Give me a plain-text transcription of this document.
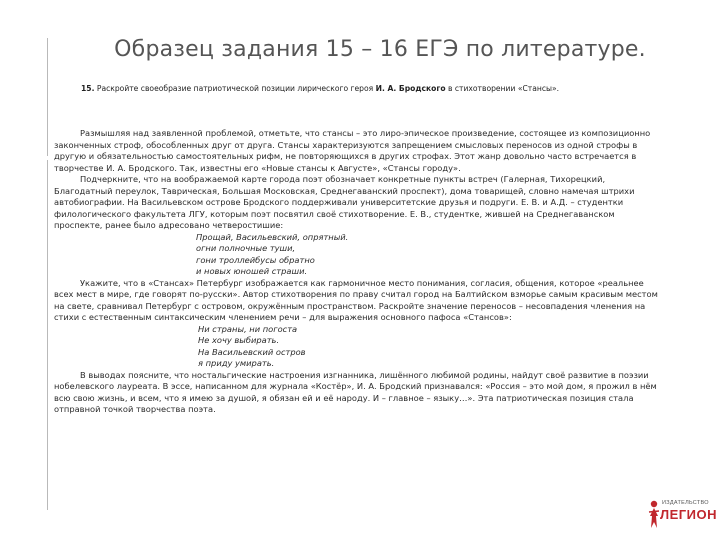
Образец задания 15 – 16 ЕГЭ по литературе.
15. Раскройте своеобразие патриотической позиции лирического героя И. А. Бродского в стихотворении «Стансы».

Размышляя над заявленной проблемой, отметьте, что стансы – это лиро-эпическое произведение, состоящее из композиционно законченных строф, обособленных друг от друга. Стансы характеризуются запрещением смысловых переносов из одной строфы в другую и обязательностью самостоятельных рифм, не повторяющихся в других строфах. Этот жанр довольно часто встречается в творчестве И. А. Бродского. Так, известны его «Новые стансы к Августе», «Стансы городу».

Подчеркните, что на воображаемой карте города поэт обозначает конкретные пункты встреч (Галерная, Тихорецкий, Благодатный переулок, Таврическая, Большая Московская, Среднегаванский проспект), дома товарищей, словно намечая штрихи автобиографии. На Васильевском острове Бродского поддерживали университетские друзья и подруги. Е. В. и А.Д. – студентки филологического факультета ЛГУ, которым поэт посвятил своё стихотворение. Е. В., студентке, жившей на Среднегаванском проспекте, ранее было адресовано четверостишие:

Прощай, Васильевский, опрятный.
огни полночные туши,
гони троллейбусы обратно
и новых юношей страши.

Укажите, что в «Стансах» Петербург изображается как гармоничное место понимания, согласия, общения, которое «реальнее всех мест в мире, где говорят по-русски». Автор стихотворения по праву считал город на Балтийском взморье самым красивым местом на свете, сравнивал Петербург с островом, окружённым пространством. Раскройте значение переносов – несовпадения членения на стихи с естественным синтаксическим членением речи – для выражения основного пафоса «Стансов»:

Ни страны, ни погоста
Не хочу выбирать.
На Васильевский остров
я приду умирать.

В выводах поясните, что ностальгические настроения изгнанника, лишённого любимой родины, найдут своё развитие в поэзии нобелевского лауреата. В эссе, написанном для журнала «Костёр», И. А. Бродский признавался: «Россия – это мой дом, я прожил в нём всю свою жизнь, и всем, что я имею за душой, я обязан ей и её народу. И – главное – языку…». Эта патриотическая позиция стала отправной точкой творчества поэта.

ИЗДАТЕЛЬСТВО
ЛЕГИОН
